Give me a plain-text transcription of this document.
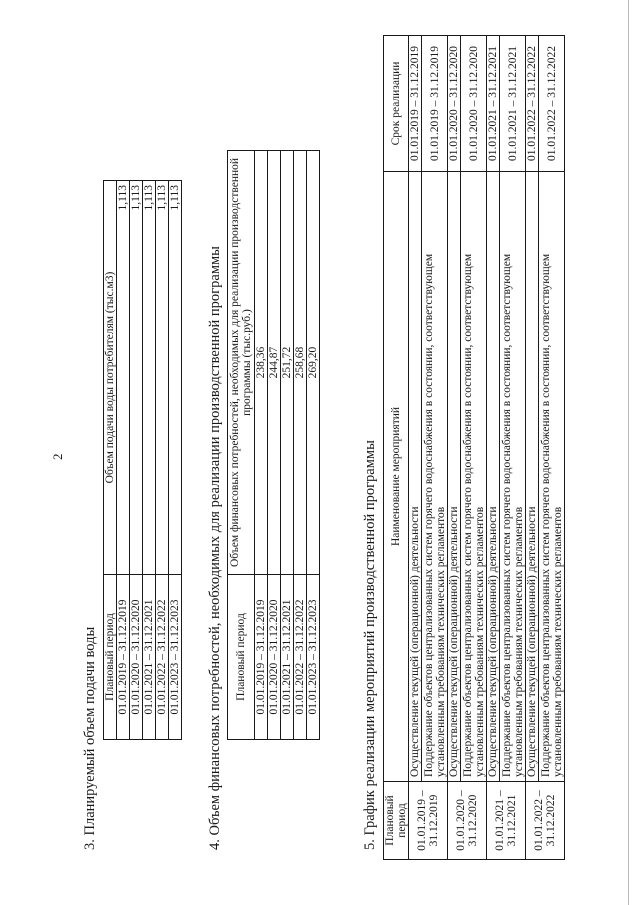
2
3. Планируемый объем подачи воды Плановый период	Объем подачи воды потребителям (тыс.м3)
01.01.2019 – 31.12.2019	1,113
01.01.2020 – 31.12.2020	1,113
01.01.2021 – 31.12.2021	1,113
01.01.2022 – 31.12.2022	1,113
01.01.2023 – 31.12.2023	1,113
4. Объем финансовых потребностей, необходимых для реализации производственной программы Плановый период	Объем финансовых потребностей, необходимых для реализации производственной программы (тыс.руб.)
01.01.2019 – 31.12.2019	238,36
01.01.2020 – 31.12.2020	244,87
01.01.2021 – 31.12.2021	251,72
01.01.2022 – 31.12.2022	258,68
01.01.2023 – 31.12.2023	269,20
5. График реализации мероприятий производственной программы Плановый период	Наименование мероприятий	Срок реализации
01.01.2019 – 31.12.2019	Осуществление текущей (операционной) деятельности	01.01.2019 – 31.12.2019
	Поддержание объектов централизованных систем горячего водоснабжения в состоянии, соответствующем установленным требованиям технических регламентов	01.01.2019 – 31.12.2019
01.01.2020 – 31.12.2020	Осуществление текущей (операционной) деятельности	01.01.2020 – 31.12.2020
	Поддержание объектов централизованных систем горячего водоснабжения в состоянии, соответствующем установленным требованиям технических регламентов	01.01.2020 – 31.12.2020
01.01.2021 – 31.12.2021	Осуществление текущей (операционной) деятельности	01.01.2021 – 31.12.2021
	Поддержание объектов централизованных систем горячего водоснабжения в состоянии, соответствующем установленным требованиям технических регламентов	01.01.2021 – 31.12.2021
01.01.2022 – 31.12.2022	Осуществление текущей (операционной) деятельности	01.01.2022 – 31.12.2022
	Поддержание объектов централизованных систем горячего водоснабжения в состоянии, соответствующем установленным требованиям технических регламентов	01.01.2022 – 31.12.2022
